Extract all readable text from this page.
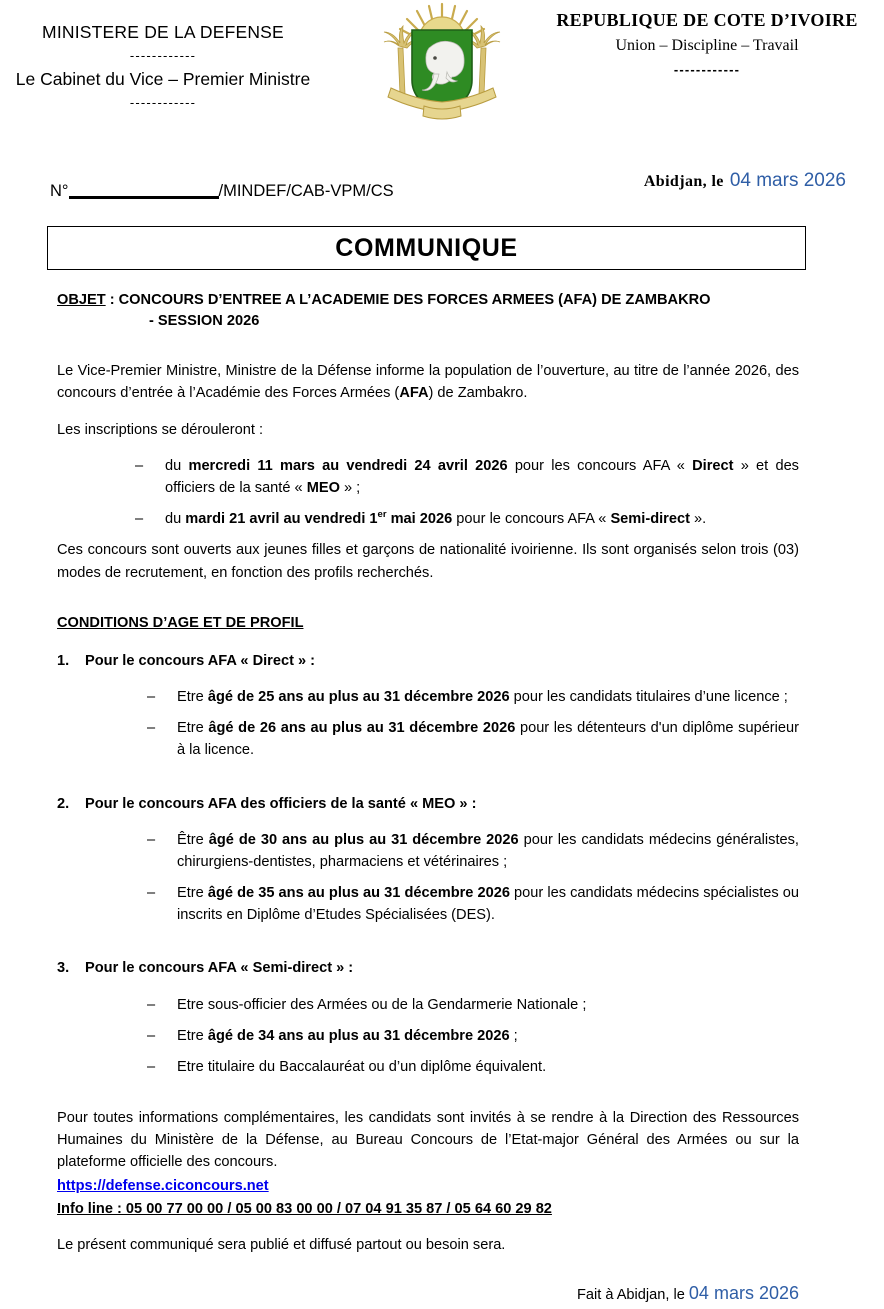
MINISTERE DE LA DEFENSE
------------
Le Cabinet du Vice – Premier Ministre
------------
REPUBLIQUE DE COTE D’IVOIRE
Union – Discipline – Travail
------------
N°	/MINDEF/CAB-VPM/CS
Abidjan, le 04 mars 2026
COMMUNIQUE
OBJET : CONCOURS D’ENTREE A L’ACADEMIE DES FORCES ARMEES (AFA) DE ZAMBAKRO
- SESSION 2026

Le Vice-Premier Ministre, Ministre de la Défense informe la population de l’ouverture, au titre de l’année 2026, des concours d’entrée à l’Académie des Forces Armées (AFA) de Zambakro.

Les inscriptions se dérouleront :

–	du mercredi 11 mars au vendredi 24 avril 2026 pour les concours AFA « Direct » et des officiers de la santé « MEO » ;
–	du mardi 21 avril au vendredi 1er mai 2026 pour le concours AFA « Semi-direct ».

Ces concours sont ouverts aux jeunes filles et garçons de nationalité ivoirienne. Ils sont organisés selon trois (03) modes de recrutement, en fonction des profils recherchés.

CONDITIONS D’AGE ET DE PROFIL
1.	Pour le concours AFA « Direct » :
–	Etre âgé de 25 ans au plus au 31 décembre 2026 pour les candidats titulaires d’une licence ;
–	Etre âgé de 26 ans au plus au 31 décembre 2026 pour les détenteurs d'un diplôme supérieur à la licence.
2.	Pour le concours AFA des officiers de la santé « MEO » :
–	Être âgé de 30 ans au plus au 31 décembre 2026 pour les candidats médecins généralistes, chirurgiens-dentistes, pharmaciens et vétérinaires ;
–	Etre âgé de 35 ans au plus au 31 décembre 2026 pour les candidats médecins spécialistes ou inscrits en Diplôme d’Etudes Spécialisées (DES).
3.	Pour le concours AFA « Semi-direct » :
–	Etre sous-officier des Armées ou de la Gendarmerie Nationale ;
–	Etre âgé de 34 ans au plus au 31 décembre 2026 ;
–	Etre titulaire du Baccalauréat ou d’un diplôme équivalent.

Pour toutes informations complémentaires, les candidats sont invités à se rendre à la Direction des Ressources Humaines du Ministère de la Défense, au Bureau Concours de l’Etat-major Général des Armées ou sur la plateforme officielle des concours.

https://defense.ciconcours.net
Info line : 05 00 77 00 00 / 05 00 83 00 00 / 07 04 91 35 87 / 05 64 60 29 82

Le présent communiqué sera publié et diffusé partout ou besoin sera.

Fait à Abidjan, le 04 mars 2026
